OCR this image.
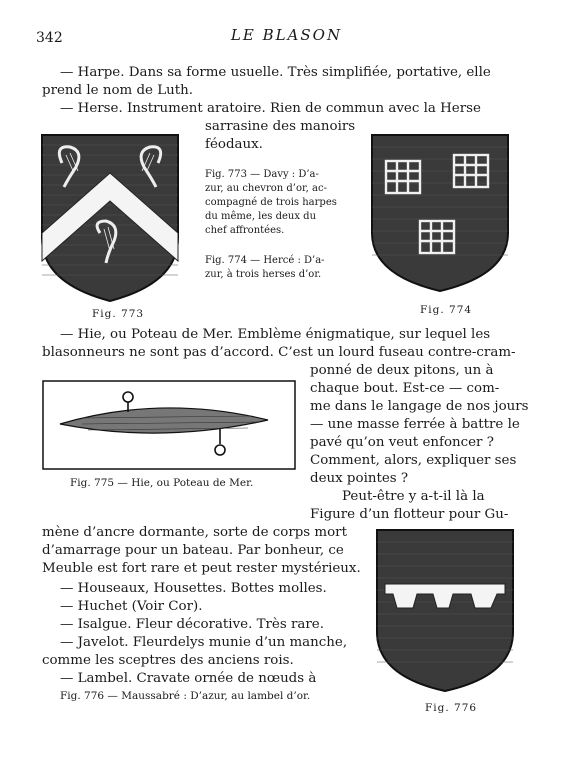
342	LE BLASON
— Harpe. Dans sa forme usuelle. Très simplifiée, portative, elle
prend le nom de Luth.
— Herse. Instrument aratoire. Rien de commun avec la Herse
sarrasine des manoirs
féodaux.
— Hie, ou Poteau de Mer. Emblème énigmatique, sur lequel les
blasonneurs ne sont pas d’accord. C’est un lourd fuseau contre-cram-
ponné de deux pitons, un à
chaque bout. Est-ce — com-
me dans le langage de nos jours
— une masse ferrée à battre le
pavé qu’on veut enfoncer ?
Comment, alors, expliquer ses
deux pointes ?
Peut-être y a-t-il là la
Figure d’un flotteur pour Gu-
mène d’ancre dormante, sorte de corps mort
d’amarrage pour un bateau. Par bonheur, ce
Meuble est fort rare et peut rester mystérieux.
— Houseaux, Housettes. Bottes molles.
— Huchet (Voir Cor).
— Isalgue. Fleur décorative. Très rare.
— Javelot. Fleurdelys munie d’un manche,
comme les sceptres des anciens rois.
— Lambel. Cravate ornée de nœuds à
Fig. 773
Fig. 773 — Davy : D’a-
zur, au chevron d’or, ac-
compagné de trois harpes
du même, les deux du
chef affrontées.
Fig. 774 — Hercé : D’a-
zur, à trois herses d’or.
Fig. 774
Fig. 775 — Hie, ou Poteau de Mer.
Fig. 776
Fig. 776 — Maussabré : D’azur, au lambel d’or.
